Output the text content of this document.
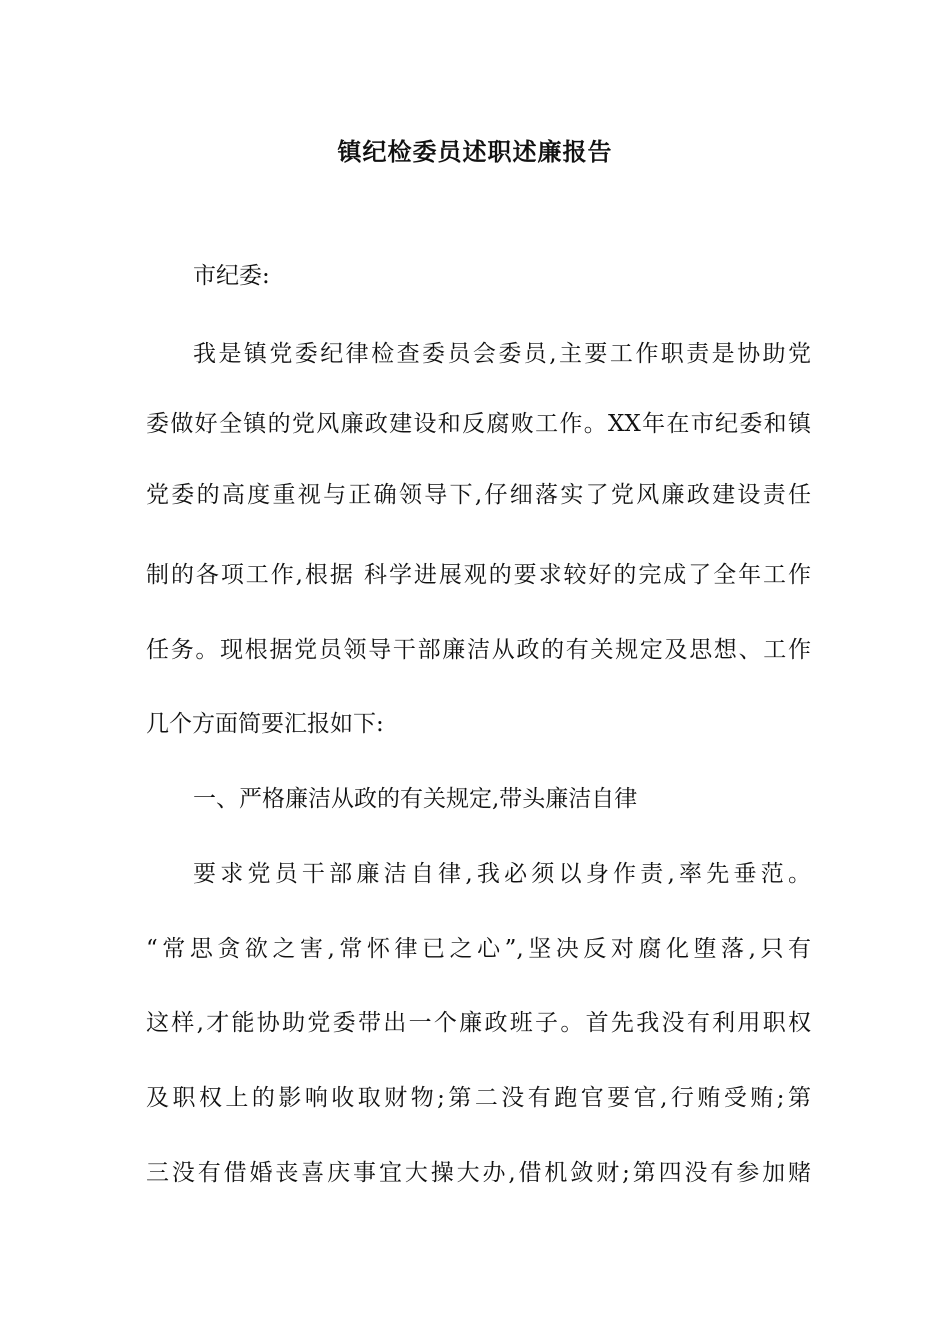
镇纪检委员述职述廉报告
市纪委:
我是镇党委纪律检查委员会委员,主要工作职责是协助党
委做好全镇的党风廉政建设和反腐败工作。XX年在市纪委和镇
党委的高度重视与正确领导下,仔细落实了党风廉政建设责任
制的各项工作,根据 科学进展观的要求较好的完成了全年工作
任务。现根据党员领导干部廉洁从政的有关规定及思想、工作
几个方面简要汇报如下:
一、严格廉洁从政的有关规定,带头廉洁自律
要求党员干部廉洁自律,我必须以身作责,率先垂范。
“常思贪欲之害,常怀律已之心”,坚决反对腐化堕落,只有
这样,才能协助党委带出一个廉政班子。首先我没有利用职权
及职权上的影响收取财物;第二没有跑官要官,行贿受贿;第
三没有借婚丧喜庆事宜大操大办,借机敛财;第四没有参加赌
